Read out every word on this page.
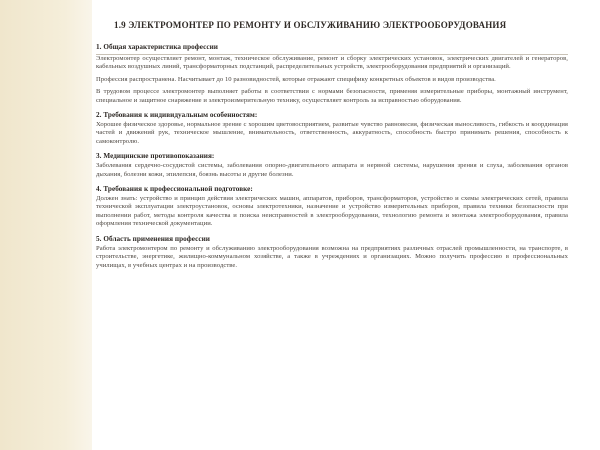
1.9 ЭЛЕКТРОМОНТЕР ПО РЕМОНТУ И ОБСЛУЖИВАНИЮ ЭЛЕКТРООБОРУДОВАНИЯ
1. Общая характеристика профессии
Электромонтер осуществляет ремонт, монтаж, техническое обслуживание, ремонт и сборку электрических установок, электрических двигателей и генераторов, кабельных воздушных линий, трансформаторных подстанций, распределительных устройств, электрооборудования предприятий и организаций.
Профессия распространена. Насчитывает до 10 разновидностей, которые отражают специфику конкретных объектов и видов производства.
В трудовом процессе электромонтер выполняет работы в соответствии с нормами безопасности, применяя измерительные приборы, монтажный инструмент, специальное и защитное снаряжение и электроизмерительную технику, осуществляет контроль за исправностью оборудования.
2. Требования к индивидуальным особенностям:
Хорошее физическое здоровье, нормальное зрение с хорошим цветовосприятием, развитые чувство равновесия, физическая выносливость, гибкость и координация частей и движений рук, техническое мышление, внимательность, ответственность, аккуратность, способность быстро принимать решения, способность к самоконтролю.
3. Медицинские противопоказания:
Заболевания сердечно-сосудистой системы, заболевания опорно-двигательного аппарата и нервной системы, нарушения зрения и слуха, заболевания органов дыхания, болезни кожи, эпилепсия, боязнь высоты и другие болезни.
4. Требования к профессиональной подготовке:
Должен знать: устройство и принцип действия электрических машин, аппаратов, приборов, трансформаторов, устройство и схемы электрических сетей, правила технической эксплуатации электроустановок, основы электротехники, назначение и устройство измерительных приборов, правила техники безопасности при выполнении работ, методы контроля качества и поиска неисправностей в электрооборудовании, технологию ремонта и монтажа электрооборудования, правила оформления технической документации.
5. Область применения профессии
Работа электромонтером по ремонту и обслуживанию электрооборудования возможна на предприятиях различных отраслей промышленности, на транспорте, в строительстве, энергетике, жилищно-коммунальном хозяйстве, а также в учреждениях и организациях. Можно получить профессию в профессиональных училищах, в учебных центрах и на производстве.
